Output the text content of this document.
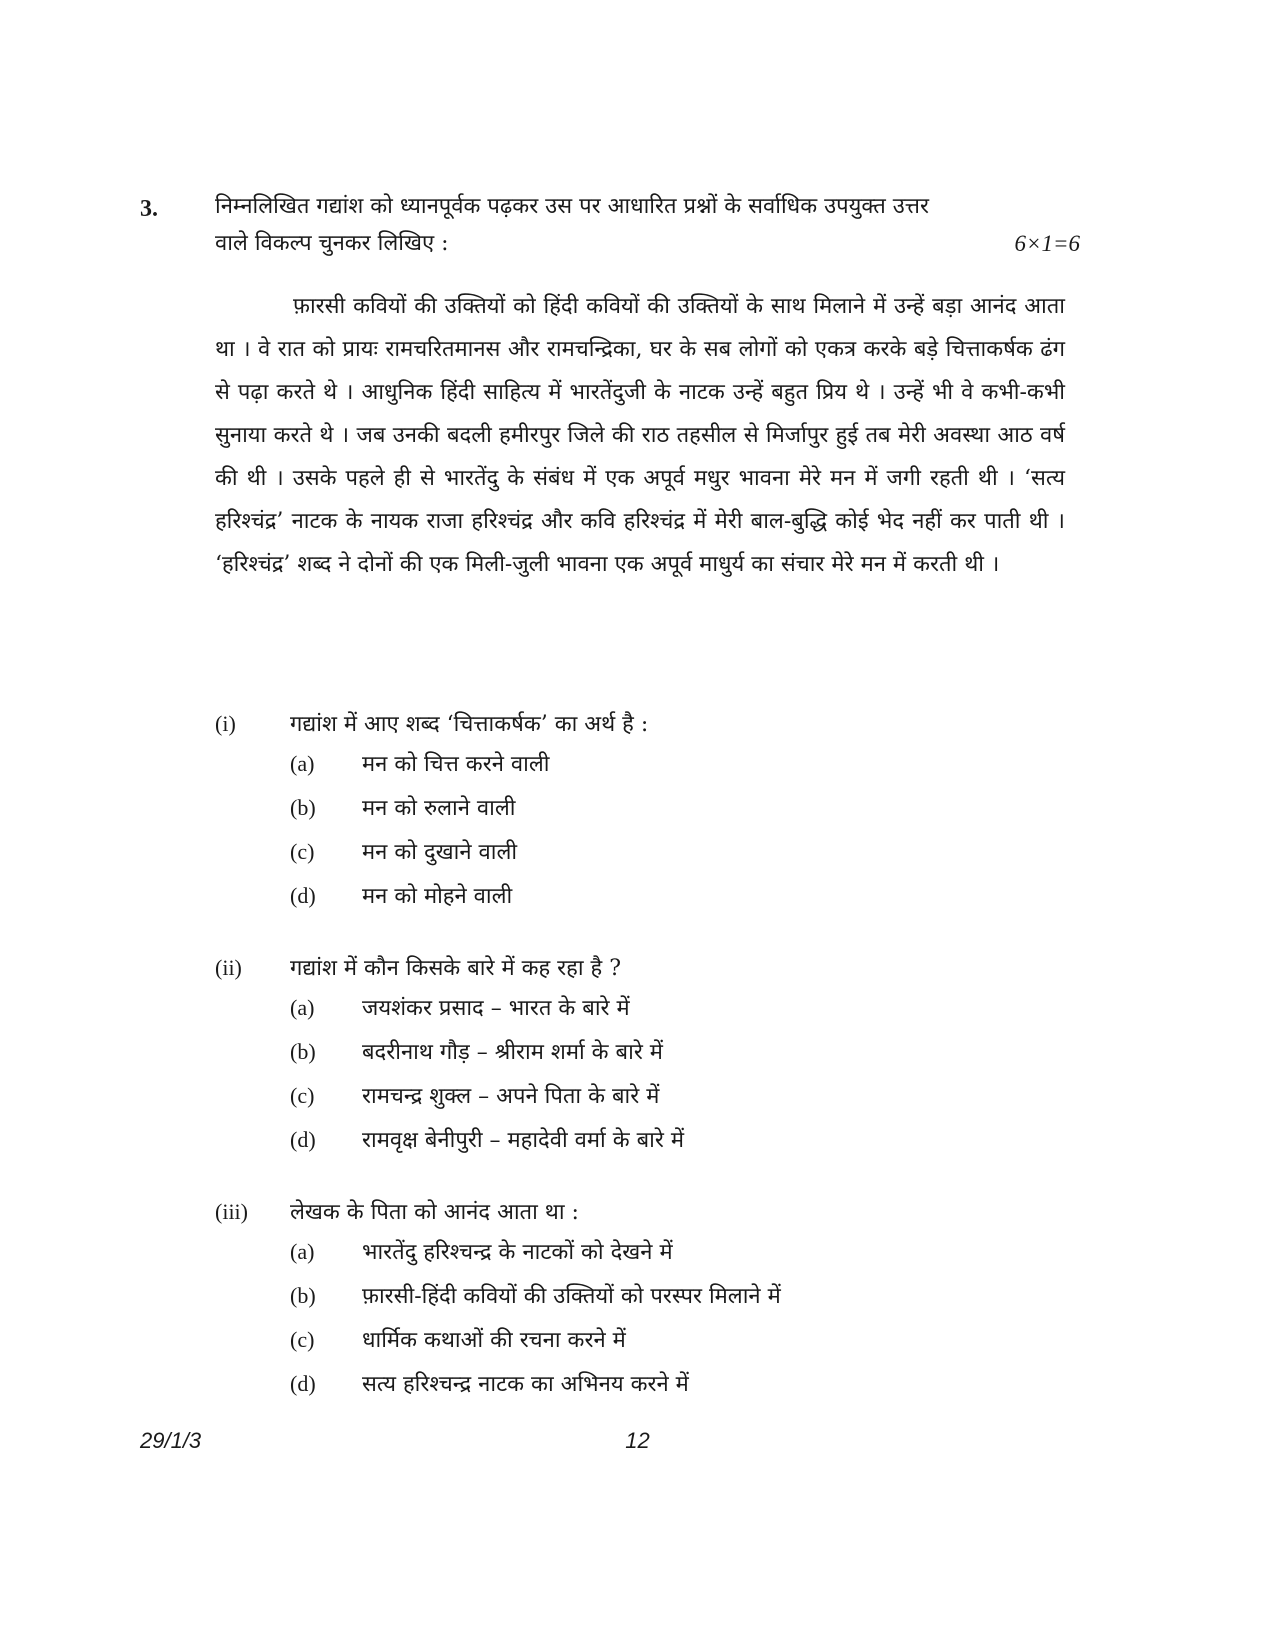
3.	निम्नलिखित गद्यांश को ध्यानपूर्वक पढ़कर उस पर आधारित प्रश्नों के सर्वाधिक उपयुक्त उत्तर
वाले विकल्प चुनकर लिखिए :	6×1=6

फ़ारसी कवियों की उक्तियों को हिंदी कवियों की उक्तियों के साथ मिलाने में उन्हें बड़ा आनंद आता था । वे रात को प्रायः रामचरितमानस और रामचन्द्रिका, घर के सब लोगों को एकत्र करके बड़े चित्ताकर्षक ढंग से पढ़ा करते थे । आधुनिक हिंदी साहित्य में भारतेंदुजी के नाटक उन्हें बहुत प्रिय थे । उन्हें भी वे कभी-कभी सुनाया करते थे । जब उनकी बदली हमीरपुर जिले की राठ तहसील से मिर्जापुर हुई तब मेरी अवस्था आठ वर्ष की थी । उसके पहले ही से भारतेंदु के संबंध में एक अपूर्व मधुर भावना मेरे मन में जगी रहती थी । ‘सत्य हरिश्चंद्र’ नाटक के नायक राजा हरिश्चंद्र और कवि हरिश्चंद्र में मेरी बाल-बुद्धि कोई भेद नहीं कर पाती थी । ‘हरिश्चंद्र’ शब्द ने दोनों की एक मिली-जुली भावना एक अपूर्व माधुर्य का संचार मेरे मन में करती थी ।

(i)	गद्यांश में आए शब्द ‘चित्ताकर्षक’ का अर्थ है :
(a)	मन को चित्त करने वाली
(b)	मन को रुलाने वाली
(c)	मन को दुखाने वाली
(d)	मन को मोहने वाली
(ii)	गद्यांश में कौन किसके बारे में कह रहा है ?
(a)	जयशंकर प्रसाद – भारत के बारे में
(b)	बदरीनाथ गौड़ – श्रीराम शर्मा के बारे में
(c)	रामचन्द्र शुक्ल – अपने पिता के बारे में
(d)	रामवृक्ष बेनीपुरी – महादेवी वर्मा के बारे में
(iii)	लेखक के पिता को आनंद आता था :
(a)	भारतेंदु हरिश्चन्द्र के नाटकों को देखने में
(b)	फ़ारसी-हिंदी कवियों की उक्तियों को परस्पर मिलाने में
(c)	धार्मिक कथाओं की रचना करने में
(d)	सत्य हरिश्चन्द्र नाटक का अभिनय करने में
29/1/3	12
